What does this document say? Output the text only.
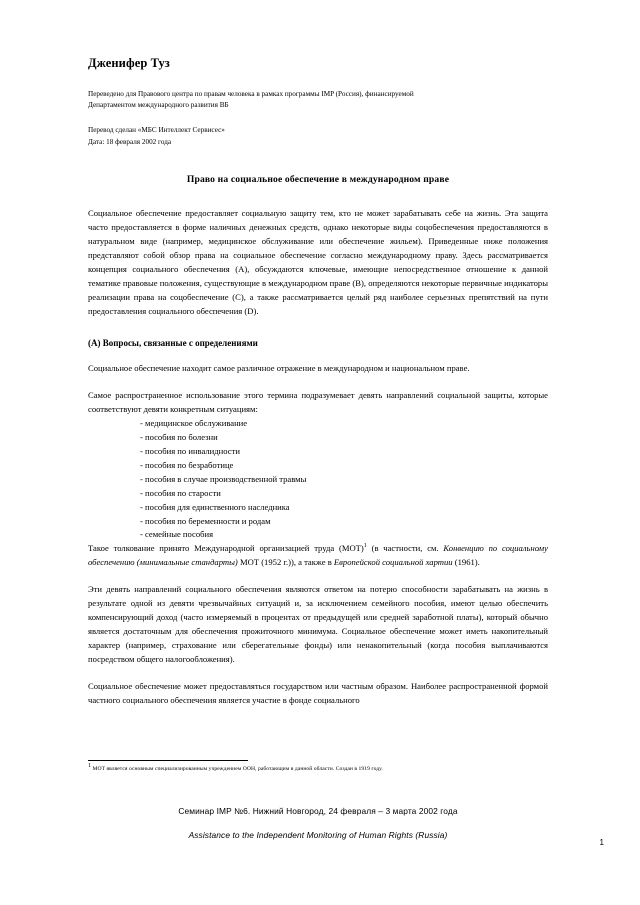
Дженифер Туз
Переведено для Правового центра по правам человека в рамках программы IMP (Россия), финансируемой
Департаментом международного развития ВБ
Перевод сделан «МБС Интеллект Сервисес»
Дата: 18 февраля 2002 года
Право на социальное обеспечение в международном праве

Социальное обеспечение предоставляет социальную защиту тем, кто не может зарабатывать себе на жизнь. Эта защита часто предоставляется в форме наличных денежных средств, однако некоторые виды соцобеспечения предоставляются в натуральном виде (например, медицинское обслуживание или обеспечение жильем). Приведенные ниже положения представляют собой обзор права на социальное обеспечение согласно международному праву. Здесь рассматривается концепция социального обеспечения (А), обсуждаются ключевые, имеющие непосредственное отношение к данной тематике правовые положения, существующие в международном праве (В), определяются некоторые первичные индикаторы реализации права на соцобеспечение (С), а также рассматривается целый ряд наиболее серьезных препятствий на пути предоставления социального обеспечения (D).

(А) Вопросы, связанные с определениями

Социальное обеспечение находит самое различное отражение в международном и национальном праве.

Самое распространенное использование этого термина подразумевает девять направлений социальной защиты, которые соответствуют девяти конкретным ситуациям:

- медицинское обслуживание
- пособия по болезни
- пособия по инвалидности
- пособия по безработице
- пособия в случае производственной травмы
- пособия по старости
- пособия для единственного наследника
- пособия по беременности и родам
- семейные пособия

Такое толкование принято Международной организацией труда (МОТ)$^1$ (в частности, см. Конвенцию по социальному обеспечению (минимальные стандарты) МОТ (1952 г.)), а также в Европейской социальной хартии (1961).

Эти девять направлений социального обеспечения являются ответом на потерю способности зарабатывать на жизнь в результате одной из девяти чрезвычайных ситуаций и, за исключением семейного пособия, имеют целью обеспечить компенсирующий доход (часто измеряемый в процентах от предыдущей или средней заработной платы), который обычно является достаточным для обеспечения прожиточного минимума. Социальное обеспечение может иметь накопительный характер (например, страхование или сберегательные фонды) или ненакопительный (когда пособия выплачиваются посредством общего налогообложения).

Социальное обеспечение может предоставляться государством или частным образом. Наиболее распространенной формой частного социального обеспечения является участие в фонде социального

$^1$ МОТ является основным специализированным учреждением ООН, работающим в данной области. Создан в 1919 году.

Семинар IMP №6. Нижний Новгород, 24 февраля – 3 марта 2002 года
Assistance to the Independent Monitoring of Human Rights (Russia)
1
